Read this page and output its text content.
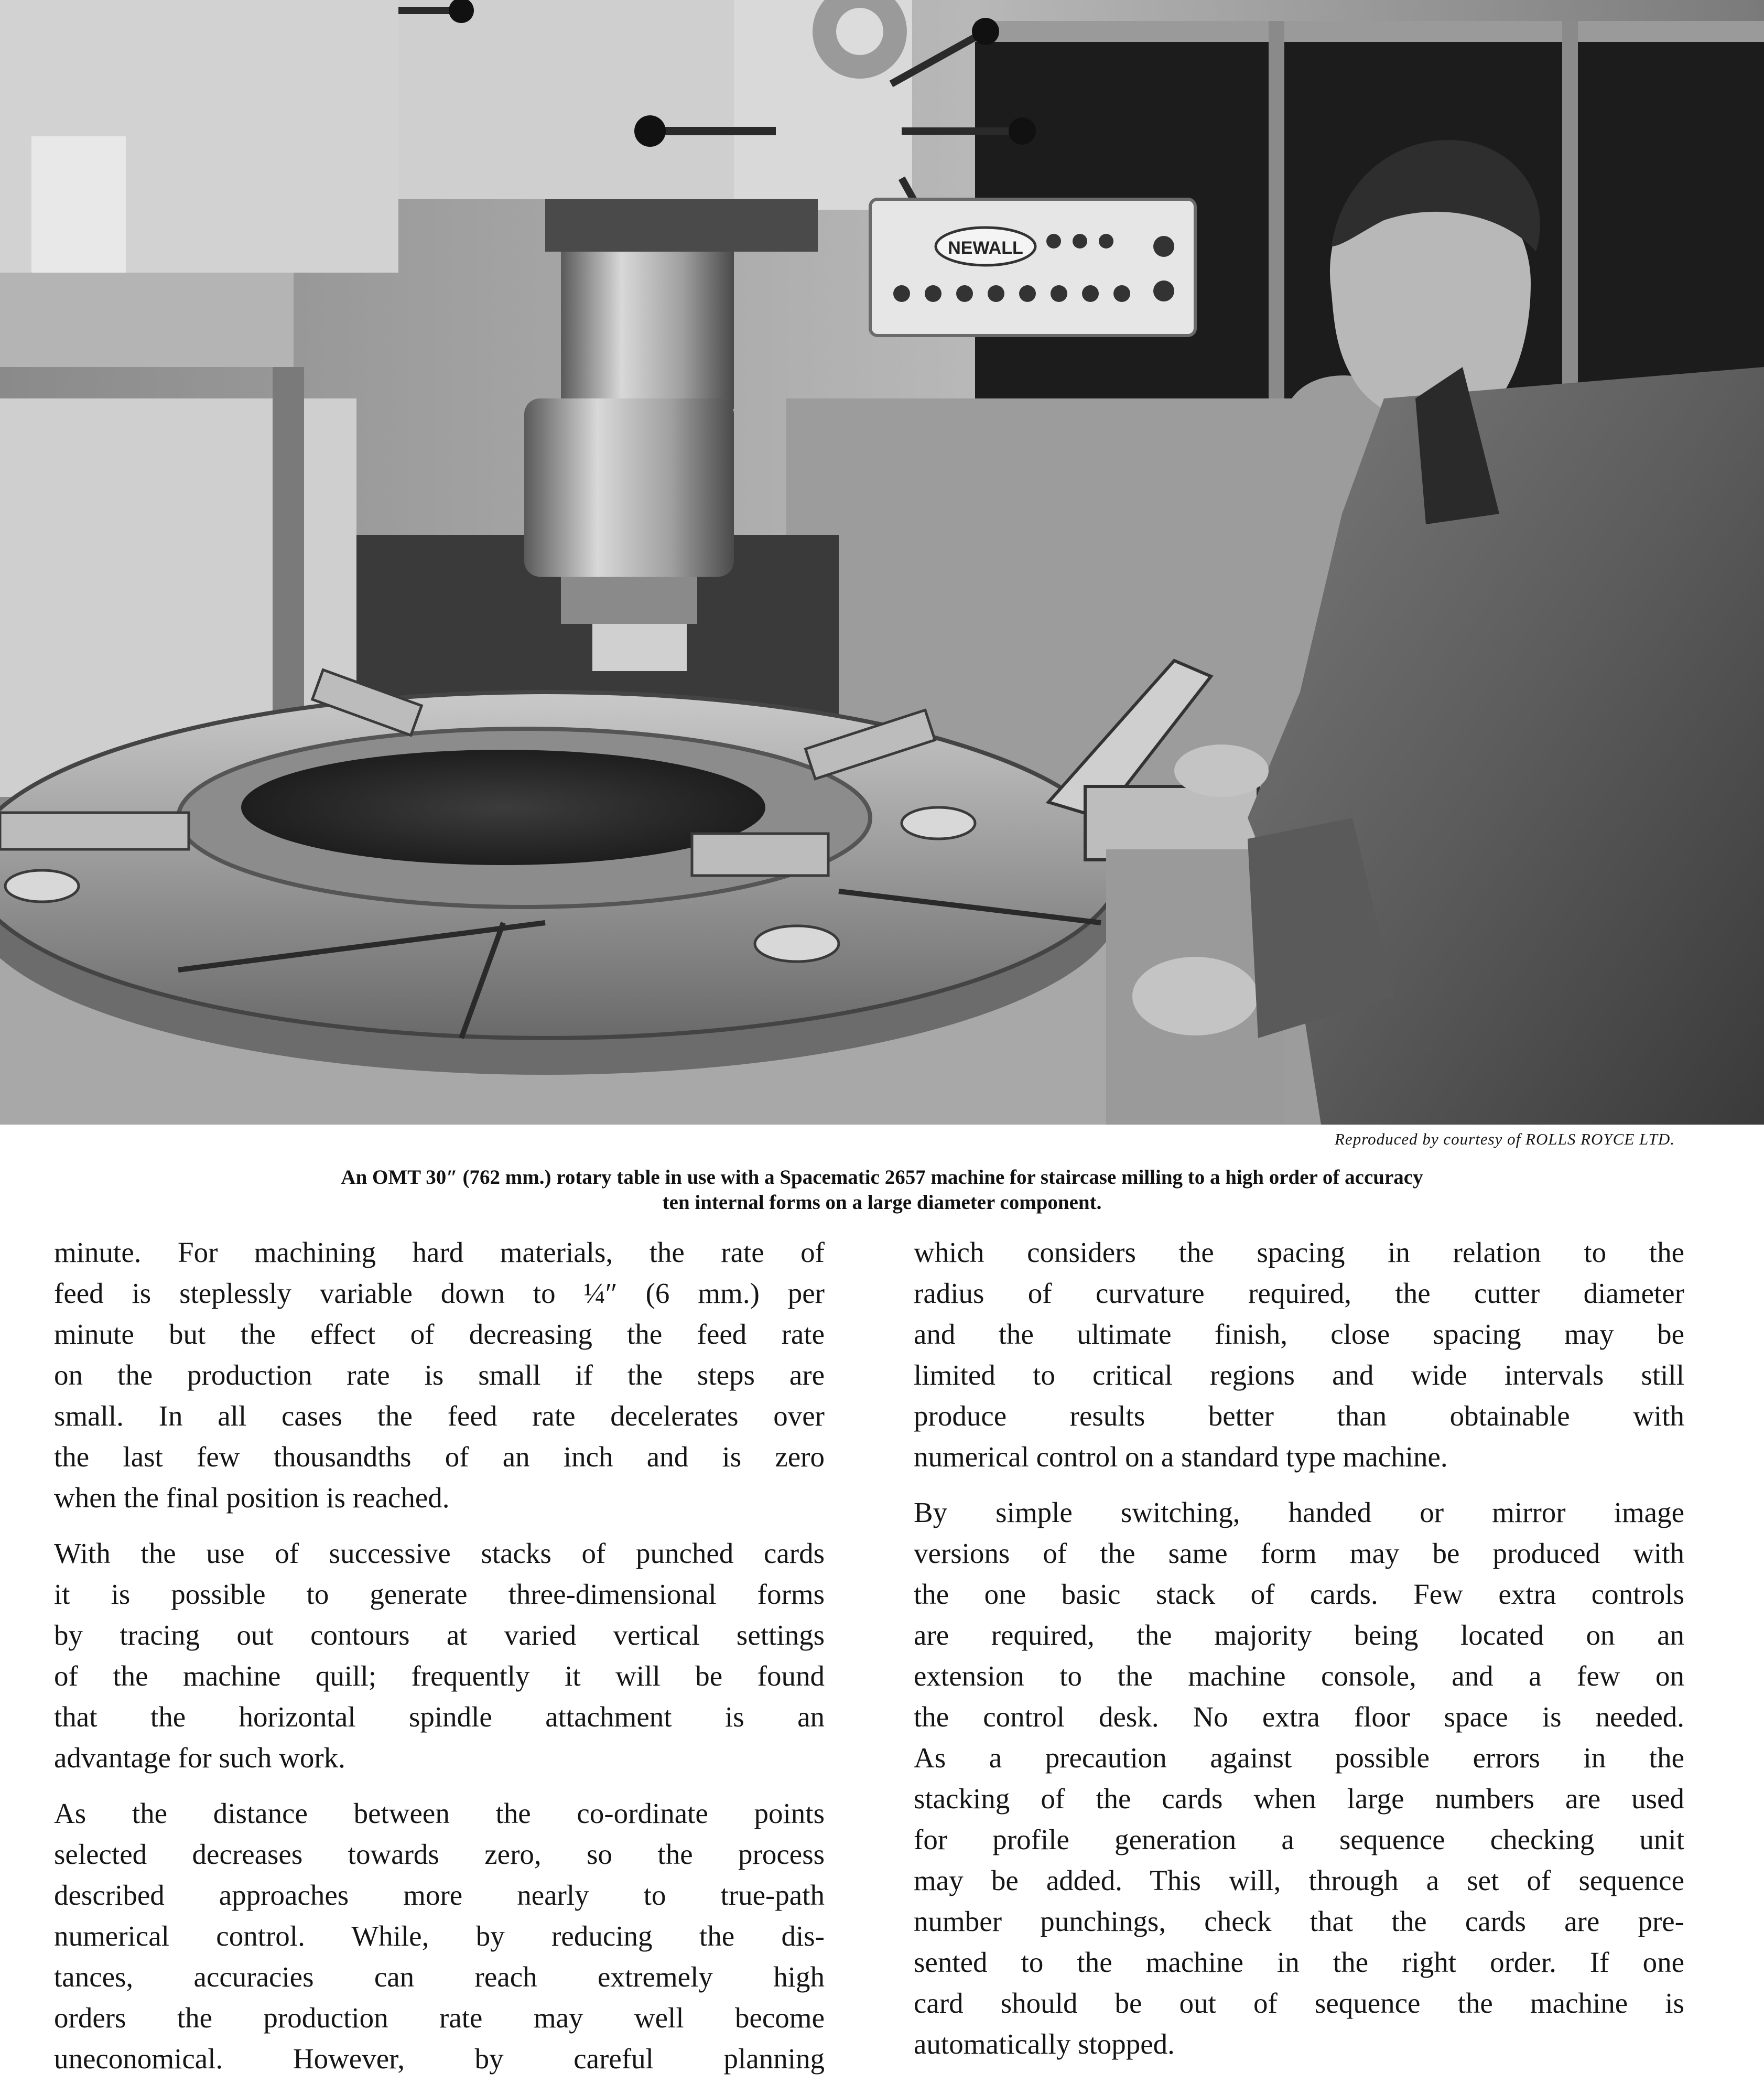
NEWALL
Reproduced by courtesy of ROLLS ROYCE LTD.
An OMT 30″ (762 mm.) rotary table in use with a Spacematic 2657 machine for staircase milling to a high order of accuracy
ten internal forms on a large diameter component.

minute. For machining hard materials, the rate of
feed is steplessly variable down to ¼″ (6 mm.) per
minute but the effect of decreasing the feed rate
on the production rate is small if the steps are
small. In all cases the feed rate decelerates over
the last few thousandths of an inch and is zero
when the final position is reached.

With the use of successive stacks of punched cards
it is possible to generate three-dimensional forms
by tracing out contours at varied vertical settings
of the machine quill; frequently it will be found
that the horizontal spindle attachment is an
advantage for such work.

As the distance between the co-ordinate points
selected decreases towards zero, so the process
described approaches more nearly to true-path
numerical control. While, by reducing the dis-
tances, accuracies can reach extremely high
orders the production rate may well become
uneconomical. However, by careful planning

which considers the spacing in relation to the
radius of curvature required, the cutter diameter
and the ultimate finish, close spacing may be
limited to critical regions and wide intervals still
produce results better than obtainable with
numerical control on a standard type machine.

By simple switching, handed or mirror image
versions of the same form may be produced with
the one basic stack of cards. Few extra controls
are required, the majority being located on an
extension to the machine console, and a few on
the control desk. No extra floor space is needed.
As a precaution against possible errors in the
stacking of the cards when large numbers are used
for profile generation a sequence checking unit
may be added. This will, through a set of sequence
number punchings, check that the cards are pre-
sented to the machine in the right order. If one
card should be out of sequence the machine is
automatically stopped.
